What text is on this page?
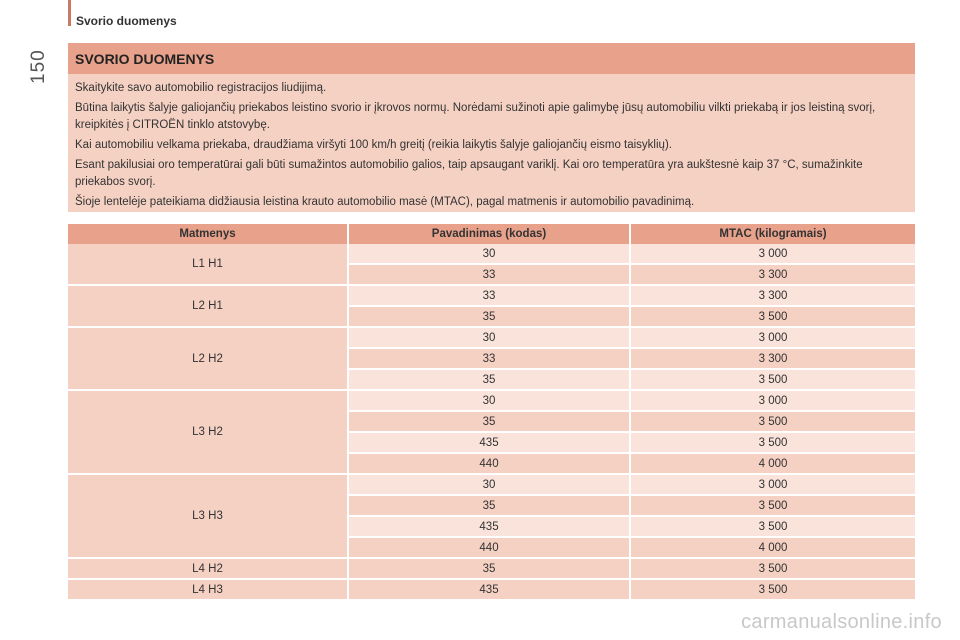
Svorio duomenys
150	SVORIO DUOMENYS

Skaitykite savo automobilio registracijos liudijimą.

Būtina laikytis šalyje galiojančių priekabos leistino svorio ir įkrovos normų. Norėdami sužinoti apie galimybę jūsų automobiliu vilkti priekabą ir jos leistiną svorį, kreipkitės į CITROËN tinklo atstovybę.

Kai automobiliu velkama priekaba, draudžiama viršyti 100 km/h greitį (reikia laikytis šalyje galiojančių eismo taisyklių).

Esant pakilusiai oro temperatūrai gali būti sumažintos automobilio galios, taip apsaugant variklį. Kai oro temperatūra yra aukštesnė kaip 37 °C, sumažinkite priekabos svorį.

Šioje lentelėje pateikiama didžiausia leistina krauto automobilio masė (MTAC), pagal matmenis ir automobilio pavadinimą.

Matmenys	Pavadinimas (kodas)	MTAC (kilogramais)
L1 H1	30	3 000
	33	3 300
L2 H1	33	3 300
	35	3 500
L2 H2	30	3 000
	33	3 300
	35	3 500
L3 H2	30	3 000
	35	3 500
	435	3 500
	440	4 000
L3 H3	30	3 000
	35	3 500
	435	3 500
	440	4 000
L4 H2	35	3 500
L4 H3	435	3 500
carmanualsonline.info
